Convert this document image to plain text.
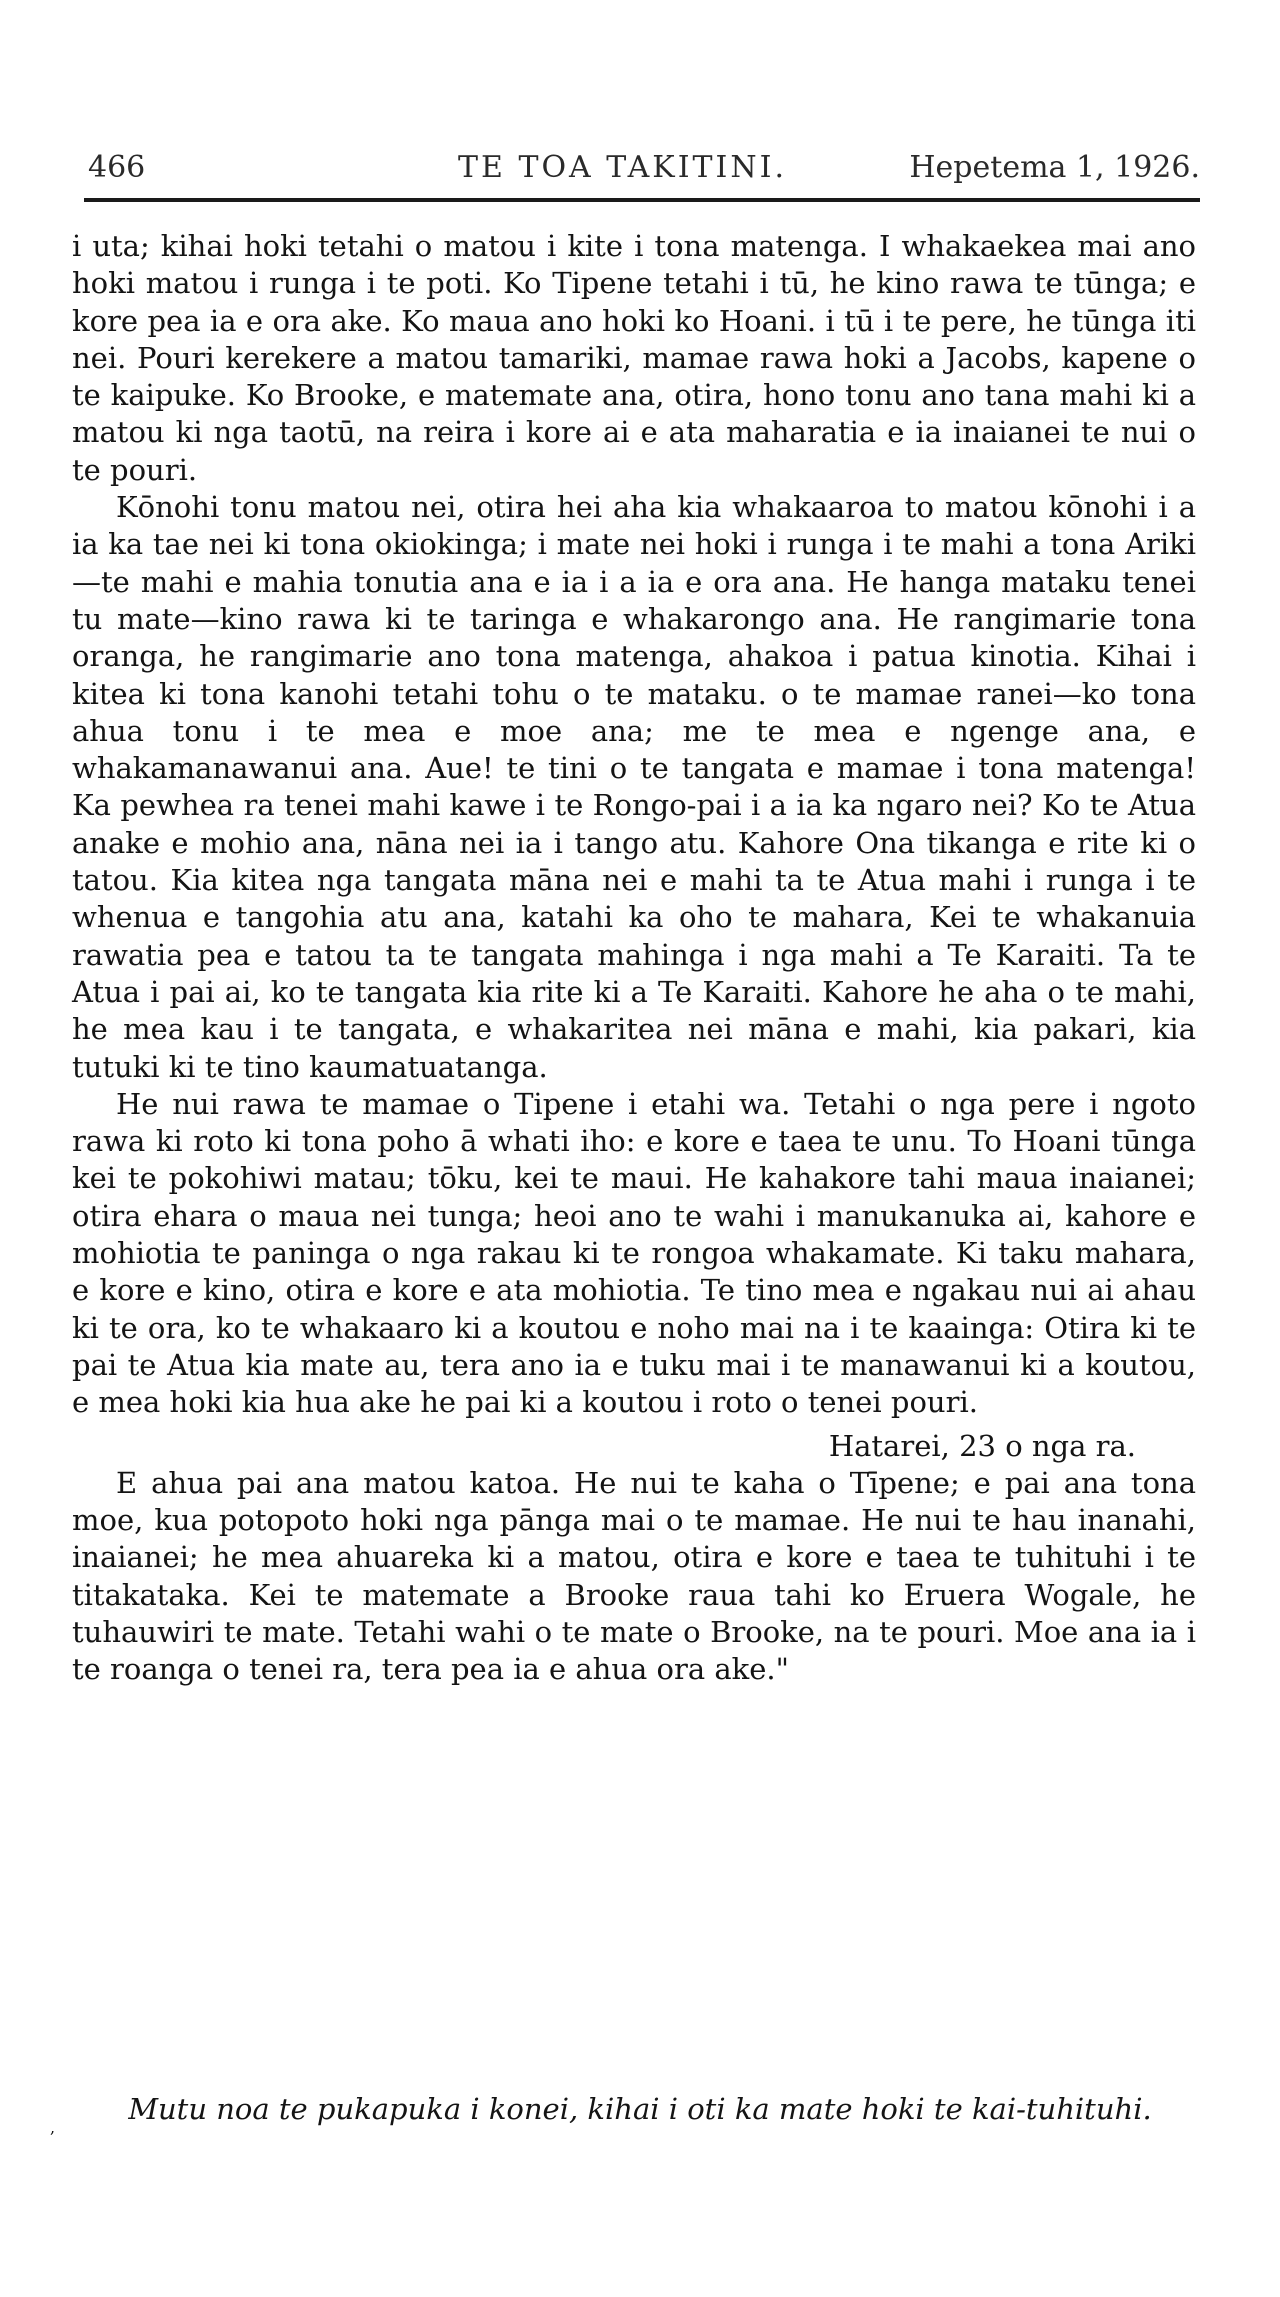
466	TE TOA TAKITINI.	Hepetema 1, 1926.

i uta; kihai hoki tetahi o matou i kite i tona matenga. I whakaekea mai ano hoki matou i runga i te poti. Ko Tipene tetahi i tū, he kino rawa te tūnga; e kore pea ia e ora ake. Ko maua ano hoki ko Hoani. i tū i te pere, he tūnga iti nei. Pouri kerekere a matou tamariki, mamae rawa hoki a Jacobs, kapene o te kaipuke. Ko Brooke, e matemate ana, otira, hono tonu ano tana mahi ki a matou ki nga taotū, na reira i kore ai e ata maharatia e ia inaianei te nui o te pouri.

Kōnohi tonu matou nei, otira hei aha kia whakaaroa to matou kōnohi i a ia ka tae nei ki tona okiokinga; i mate nei hoki i runga i te mahi a tona Ariki—te mahi e mahia tonutia ana e ia i a ia e ora ana. He hanga mataku tenei tu mate—kino rawa ki te taringa e whakarongo ana. He rangimarie tona oranga, he rangimarie ano tona matenga, ahakoa i patua kinotia. Kihai i kitea ki tona kanohi tetahi tohu o te mataku. o te mamae ranei—ko tona ahua tonu i te mea e moe ana; me te mea e ngenge ana, e whakamanawanui ana. Aue! te tini o te tangata e mamae i tona matenga! Ka pewhea ra tenei mahi kawe i te Rongo-pai i a ia ka ngaro nei? Ko te Atua anake e mohio ana, nāna nei ia i tango atu. Kahore Ona tikanga e rite ki o tatou. Kia kitea nga tangata māna nei e mahi ta te Atua mahi i runga i te whenua e tangohia atu ana, katahi ka oho te mahara, Kei te whakanuia rawatia pea e tatou ta te tangata mahinga i nga mahi a Te Karaiti. Ta te Atua i pai ai, ko te tangata kia rite ki a Te Karaiti. Kahore he aha o te mahi, he mea kau i te tangata, e whakaritea nei māna e mahi, kia pakari, kia tutuki ki te tino kaumatuatanga.

He nui rawa te mamae o Tipene i etahi wa. Tetahi o nga pere i ngoto rawa ki roto ki tona poho ā whati iho: e kore e taea te unu. To Hoani tūnga kei te pokohiwi matau; tōku, kei te maui. He kahakore tahi maua inaianei; otira ehara o maua nei tunga; heoi ano te wahi i manukanuka ai, kahore e mohiotia te paninga o nga rakau ki te rongoa whakamate. Ki taku mahara, e kore e kino, otira e kore e ata mohiotia. Te tino mea e ngakau nui ai ahau ki te ora, ko te whakaaro ki a koutou e noho mai na i te kaainga: Otira ki te pai te Atua kia mate au, tera ano ia e tuku mai i te manawanui ki a koutou, e mea hoki kia hua ake he pai ki a koutou i roto o tenei pouri.

Hatarei, 23 o nga ra.

E ahua pai ana matou katoa. He nui te kaha o Tīpene; e pai ana tona moe, kua potopoto hoki nga pānga mai o te mamae. He nui te hau inanahi, inaianei; he mea ahuareka ki a matou, otira e kore e taea te tuhituhi i te titakataka. Kei te matemate a Brooke raua tahi ko Eruera Wogale, he tuhauwiri te mate. Tetahi wahi o te mate o Brooke, na te pouri. Moe ana ia i te roanga o tenei ra, tera pea ia e ahua ora ake."

,
Mutu noa te pukapuka i konei, kihai i oti ka mate hoki te kai-tuhituhi.
